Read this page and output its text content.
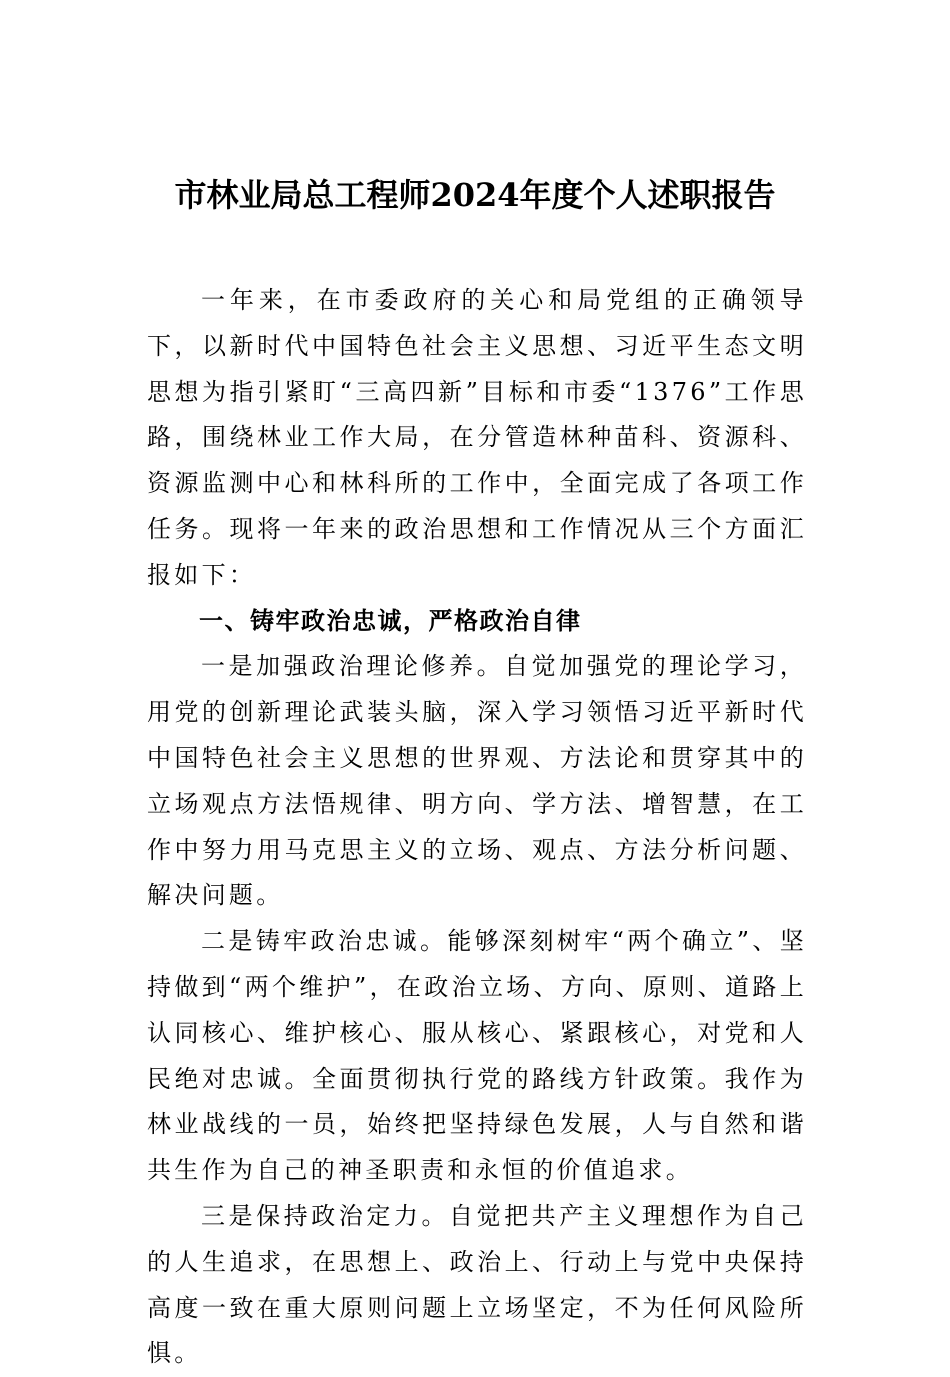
市林业局总工程师2024年度个人述职报告

一年来，在市委政府的关心和局党组的正确领导下，以新时代中国特色社会主义思想、习近平生态文明思想为指引紧盯“三高四新”目标和市委“1376”工作思路，围绕林业工作大局，在分管造林种苗科、资源科、资源监测中心和林科所的工作中，全面完成了各项工作任务。现将一年来的政治思想和工作情况从三个方面汇报如下：

一、铸牢政治忠诚，严格政治自律

一是加强政治理论修养。自觉加强党的理论学习，用党的创新理论武装头脑，深入学习领悟习近平新时代中国特色社会主义思想的世界观、方法论和贯穿其中的立场观点方法悟规律、明方向、学方法、增智慧，在工作中努力用马克思主义的立场、观点、方法分析问题、解决问题。

二是铸牢政治忠诚。能够深刻树牢“两个确立”、坚持做到“两个维护”，在政治立场、方向、原则、道路上认同核心、维护核心、服从核心、紧跟核心，对党和人民绝对忠诚。全面贯彻执行党的路线方针政策。我作为林业战线的一员，始终把坚持绿色发展，人与自然和谐共生作为自己的神圣职责和永恒的价值追求。

三是保持政治定力。自觉把共产主义理想作为自己的人生追求，在思想上、政治上、行动上与党中央保持高度一致在重大原则问题上立场坚定，不为任何风险所惧。
